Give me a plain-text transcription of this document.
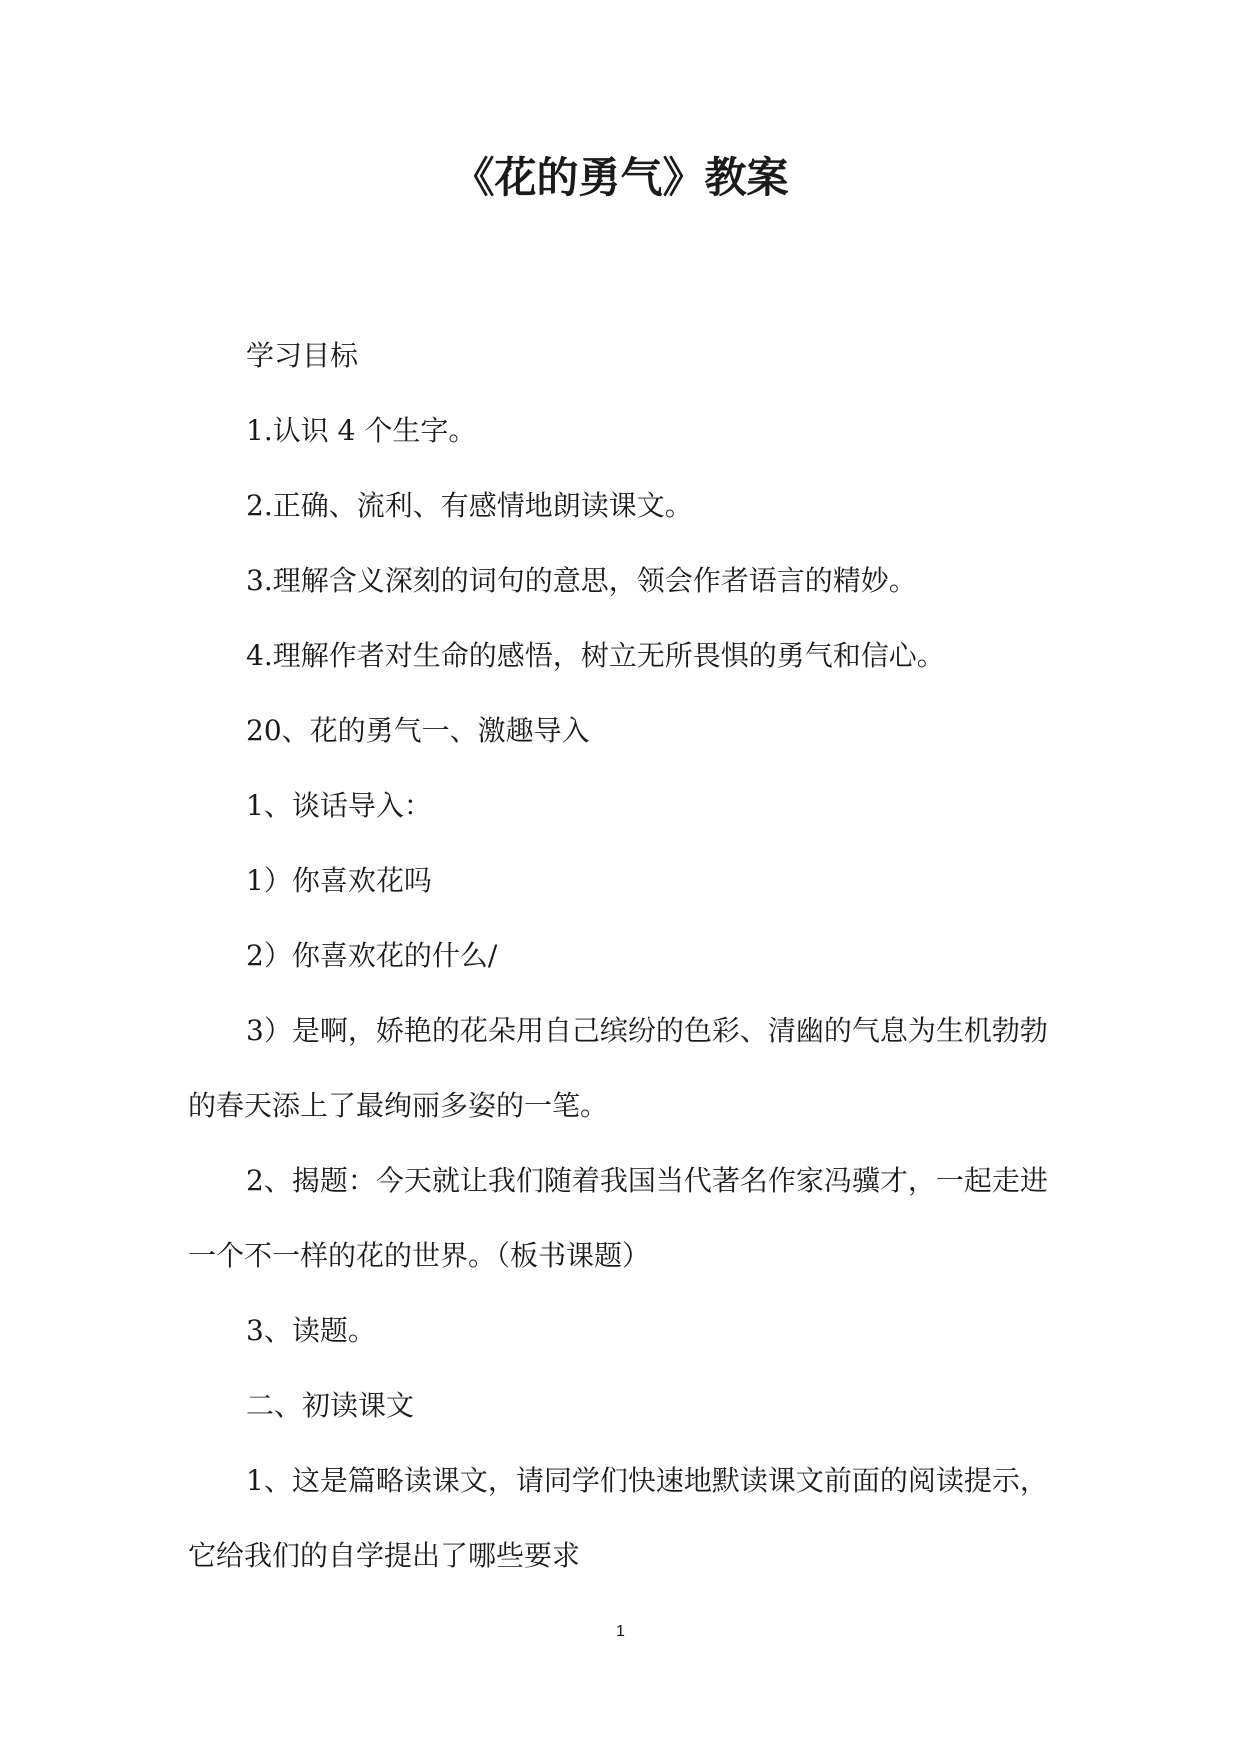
《花的勇气》教案

学习目标

1.认识 4 个生字。

2.正确、流利、有感情地朗读课文。

3.理解含义深刻的词句的意思，领会作者语言的精妙。

4.理解作者对生命的感悟，树立无所畏惧的勇气和信心。

20、花的勇气一、激趣导入

1、谈话导入：

1）你喜欢花吗

2）你喜欢花的什么/

3）是啊，娇艳的花朵用自己缤纷的色彩、清幽的气息为生机勃勃的春天添上了最绚丽多姿的一笔。

2、揭题：今天就让我们随着我国当代著名作家冯骥才，一起走进一个不一样的花的世界。（板书课题）

3、读题。

二、初读课文

1、这是篇略读课文，请同学们快速地默读课文前面的阅读提示，它给我们的自学提出了哪些要求

1
